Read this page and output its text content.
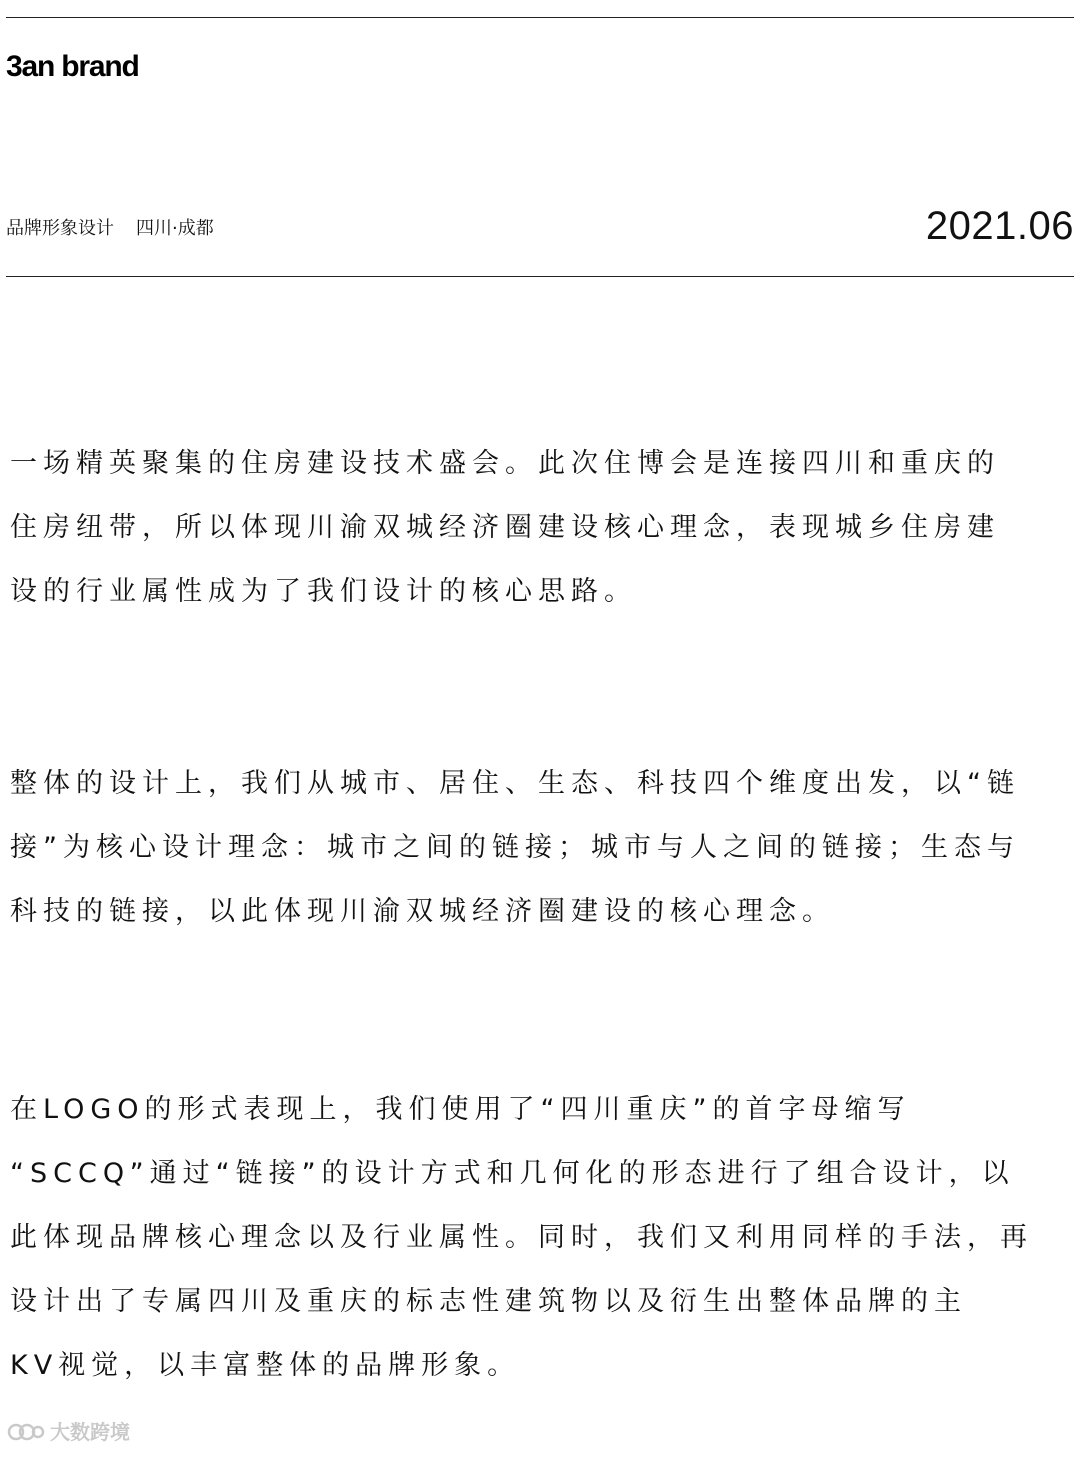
3an brand
品牌形象设计 四川·成都	2021.06
一场精英聚集的住房建设技术盛会。此次住博会是连接四川和重庆的
住房纽带，所以体现川渝双城经济圈建设核心理念，表现城乡住房建
设的行业属性成为了我们设计的核心思路。
整体的设计上，我们从城市、居住、生态、科技四个维度出发，以“链
接”为核心设计理念：城市之间的链接；城市与人之间的链接；生态与
科技的链接，以此体现川渝双城经济圈建设的核心理念。
在LOGO的形式表现上，我们使用了“四川重庆”的首字母缩写
“SCCQ”通过“链接”的设计方式和几何化的形态进行了组合设计，以
此体现品牌核心理念以及行业属性。同时，我们又利用同样的手法，再
设计出了专属四川及重庆的标志性建筑物以及衍生出整体品牌的主
KV视觉，以丰富整体的品牌形象。
大数跨境
